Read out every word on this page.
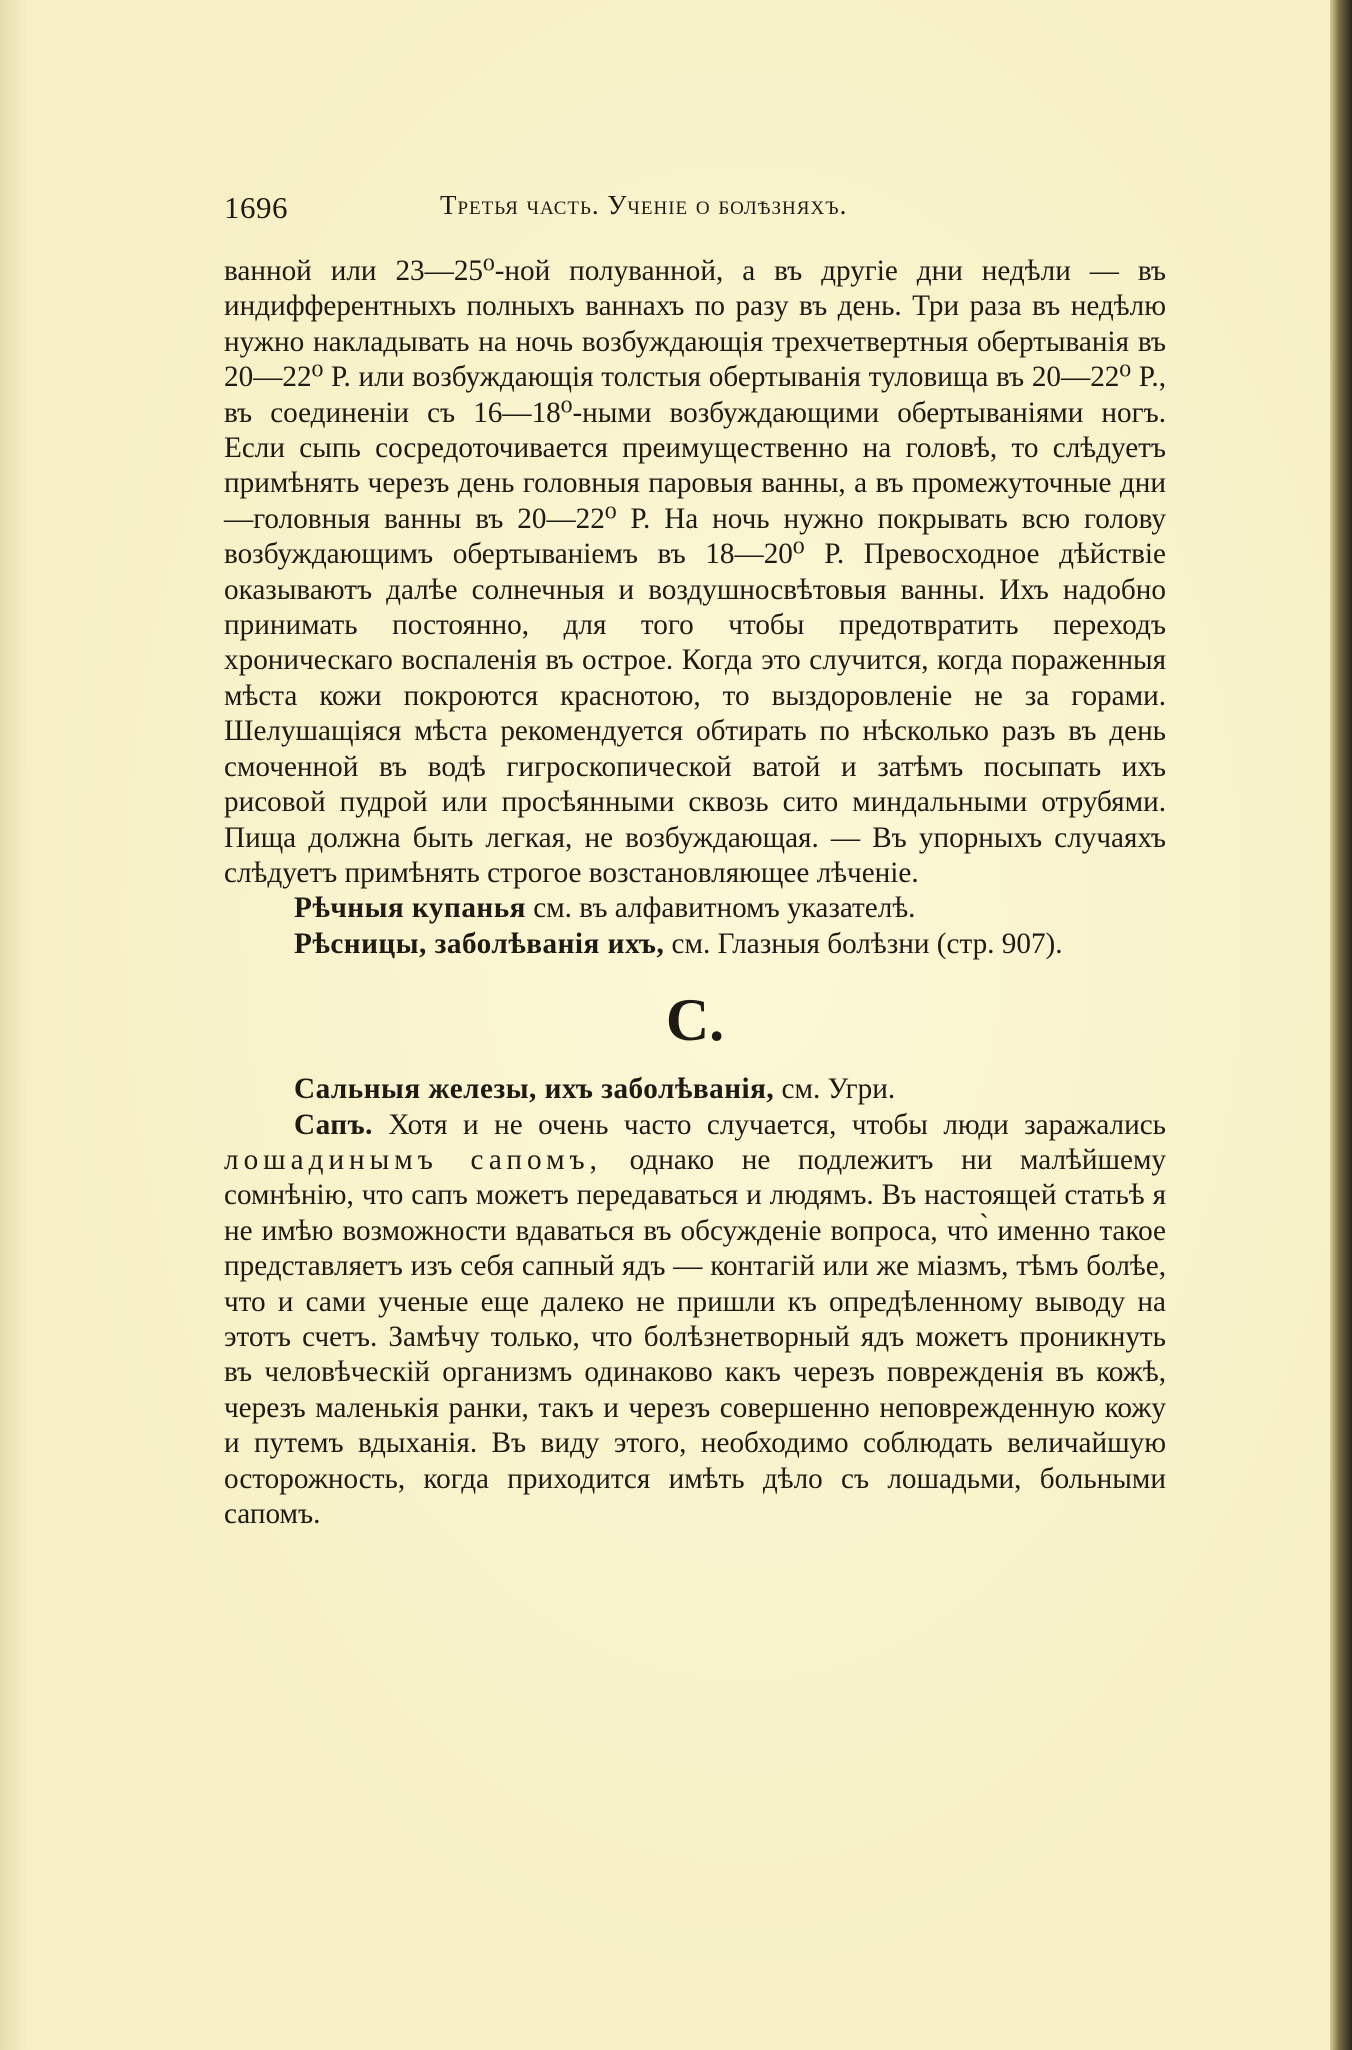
1696	Третья часть. Ученіе о болѣзняхъ.

ванной или 23—25⁰-ной полуванной, а въ другіе дни недѣли — въ индифферентныхъ полныхъ ваннахъ по разу въ день. Три раза въ недѣлю нужно накладывать на ночь возбуждающія трехчетвертныя обертыванія въ 20—22⁰ Р. или возбуждающія толстыя обертыванія туловища въ 20—22⁰ Р., въ соединеніи съ 16—18⁰-ными возбуждающими обертываніями ногъ. Если сыпь сосредоточивается преимущественно на головѣ, то слѣдуетъ примѣнять черезъ день головныя паровыя ванны, а въ промежуточные дни—головныя ванны въ 20—22⁰ Р. На ночь нужно покрывать всю голову возбуждающимъ обертываніемъ въ 18—20⁰ Р. Превосходное дѣйствіе оказываютъ далѣе солнечныя и воздушносвѣтовыя ванны. Ихъ надобно принимать постоянно, для того чтобы предотвратить переходъ хроническаго воспаленія въ острое. Когда это случится, когда пораженныя мѣста кожи покроются краснотою, то выздоровленіе не за горами. Шелушащіяся мѣста рекомендуется обтирать по нѣсколько разъ въ день смоченной въ водѣ гигроскопической ватой и затѣмъ посыпать ихъ рисовой пудрой или просѣянными сквозь сито миндальными отрубями. Пища должна быть легкая, не возбуждающая. — Въ упорныхъ случаяхъ слѣдуетъ примѣнять строгое возстановляющее лѣченіе.

Рѣчныя купанья см. въ алфавитномъ указателѣ.

Рѣсницы, заболѣванія ихъ, см. Глазныя болѣзни (стр. 907).

С.

Сальныя железы, ихъ заболѣванія, см. Угри.

Сапъ. Хотя и не очень часто случается, чтобы люди заражались лошадинымъ сапомъ, однако не подлежитъ ни малѣйшему сомнѣнію, что сапъ можетъ передаваться и людямъ. Въ настоящей статьѣ я не имѣю возможности вдаваться въ обсужденіе вопроса, что̀ именно такое представляетъ изъ себя сапный ядъ — контагій или же міазмъ, тѣмъ болѣе, что и сами ученые еще далеко не пришли къ опредѣленному выводу на этотъ счетъ. Замѣчу только, что болѣзнетворный ядъ можетъ проникнуть въ человѣческій организмъ одинаково какъ черезъ поврежденія въ кожѣ, черезъ маленькія ранки, такъ и черезъ совершенно неповрежденную кожу и путемъ вдыханія. Въ виду этого, необходимо соблюдать величайшую осторожность, когда приходится имѣть дѣло съ лошадьми, больными сапомъ.
